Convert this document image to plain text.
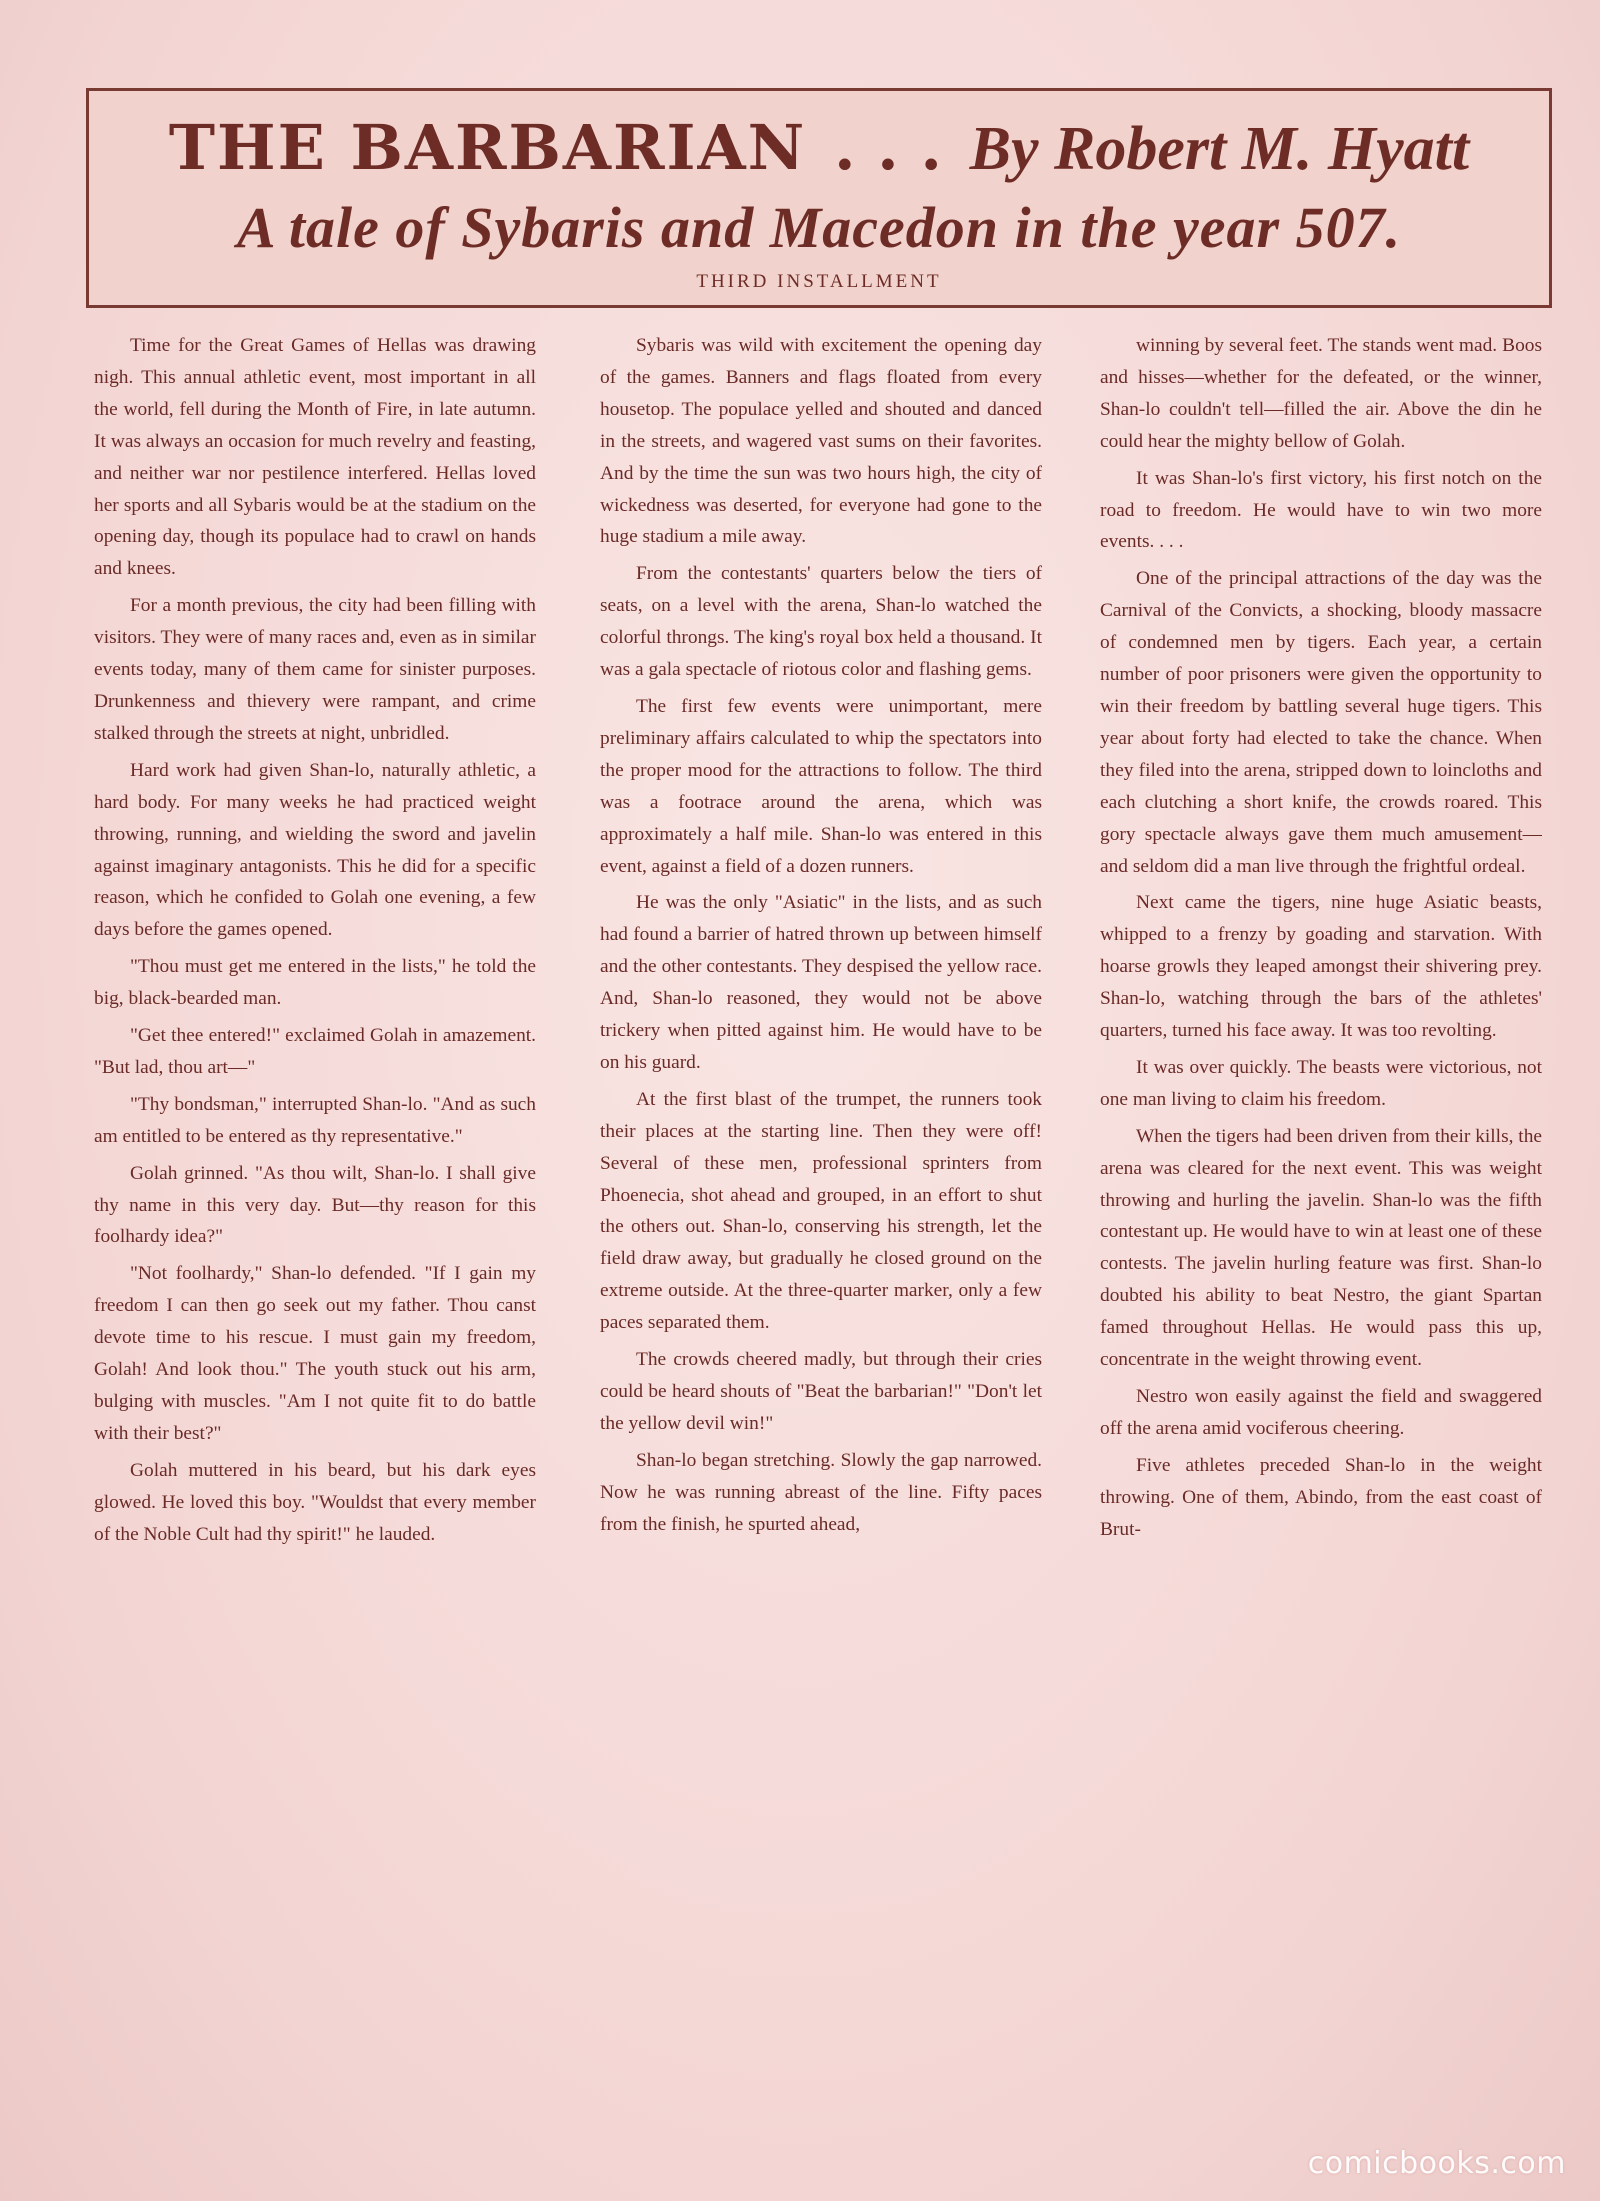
THE BARBARIAN . . . By Robert M. Hyatt
A tale of Sybaris and Macedon in the year 507.
THIRD INSTALLMENT

Time for the Great Games of Hellas was drawing nigh. This annual athletic event, most important in all the world, fell during the Month of Fire, in late autumn. It was always an occasion for much revelry and feasting, and neither war nor pestilence interfered. Hellas loved her sports and all Sybaris would be at the stadium on the opening day, though its populace had to crawl on hands and knees.

For a month previous, the city had been filling with visitors. They were of many races and, even as in similar events today, many of them came for sinister purposes. Drunkenness and thievery were rampant, and crime stalked through the streets at night, unbridled.

Hard work had given Shan-lo, naturally athletic, a hard body. For many weeks he had practiced weight throwing, running, and wielding the sword and javelin against imaginary antagonists. This he did for a specific reason, which he confided to Golah one evening, a few days before the games opened.

"Thou must get me entered in the lists," he told the big, black-bearded man.

"Get thee entered!" exclaimed Golah in amazement. "But lad, thou art—"

"Thy bondsman," interrupted Shan-lo. "And as such am entitled to be entered as thy representative."

Golah grinned. "As thou wilt, Shan-lo. I shall give thy name in this very day. But—thy reason for this foolhardy idea?"

"Not foolhardy," Shan-lo defended. "If I gain my freedom I can then go seek out my father. Thou canst devote time to his rescue. I must gain my freedom, Golah! And look thou." The youth stuck out his arm, bulging with muscles. "Am I not quite fit to do battle with their best?"

Golah muttered in his beard, but his dark eyes glowed. He loved this boy. "Wouldst that every member of the Noble Cult had thy spirit!" he lauded.

Sybaris was wild with excitement the opening day of the games. Banners and flags floated from every housetop. The populace yelled and shouted and danced in the streets, and wagered vast sums on their favorites. And by the time the sun was two hours high, the city of wickedness was deserted, for everyone had gone to the huge stadium a mile away.

From the contestants' quarters below the tiers of seats, on a level with the arena, Shan-lo watched the colorful throngs. The king's royal box held a thousand. It was a gala spectacle of riotous color and flashing gems.

The first few events were unimportant, mere preliminary affairs calculated to whip the spectators into the proper mood for the attractions to follow. The third was a footrace around the arena, which was approximately a half mile. Shan-lo was entered in this event, against a field of a dozen runners.

He was the only "Asiatic" in the lists, and as such had found a barrier of hatred thrown up between himself and the other contestants. They despised the yellow race. And, Shan-lo reasoned, they would not be above trickery when pitted against him. He would have to be on his guard.

At the first blast of the trumpet, the runners took their places at the starting line. Then they were off! Several of these men, professional sprinters from Phoenecia, shot ahead and grouped, in an effort to shut the others out. Shan-lo, conserving his strength, let the field draw away, but gradually he closed ground on the extreme outside. At the three-quarter marker, only a few paces separated them.

The crowds cheered madly, but through their cries could be heard shouts of "Beat the barbarian!" "Don't let the yellow devil win!"

Shan-lo began stretching. Slowly the gap narrowed. Now he was running abreast of the line. Fifty paces from the finish, he spurted ahead,

winning by several feet. The stands went mad. Boos and hisses—whether for the defeated, or the winner, Shan-lo couldn't tell—filled the air. Above the din he could hear the mighty bellow of Golah.

It was Shan-lo's first victory, his first notch on the road to freedom. He would have to win two more events. . . .

One of the principal attractions of the day was the Carnival of the Convicts, a shocking, bloody massacre of condemned men by tigers. Each year, a certain number of poor prisoners were given the opportunity to win their freedom by battling several huge tigers. This year about forty had elected to take the chance. When they filed into the arena, stripped down to loincloths and each clutching a short knife, the crowds roared. This gory spectacle always gave them much amusement—and seldom did a man live through the frightful ordeal.

Next came the tigers, nine huge Asiatic beasts, whipped to a frenzy by goading and starvation. With hoarse growls they leaped amongst their shivering prey. Shan-lo, watching through the bars of the athletes' quarters, turned his face away. It was too revolting.

It was over quickly. The beasts were victorious, not one man living to claim his freedom.

When the tigers had been driven from their kills, the arena was cleared for the next event. This was weight throwing and hurling the javelin. Shan-lo was the fifth contestant up. He would have to win at least one of these contests. The javelin hurling feature was first. Shan-lo doubted his ability to beat Nestro, the giant Spartan famed throughout Hellas. He would pass this up, concentrate in the weight throwing event.

Nestro won easily against the field and swaggered off the arena amid vociferous cheering.

Five athletes preceded Shan-lo in the weight throwing. One of them, Abindo, from the east coast of Brut-

comicbooks.com
